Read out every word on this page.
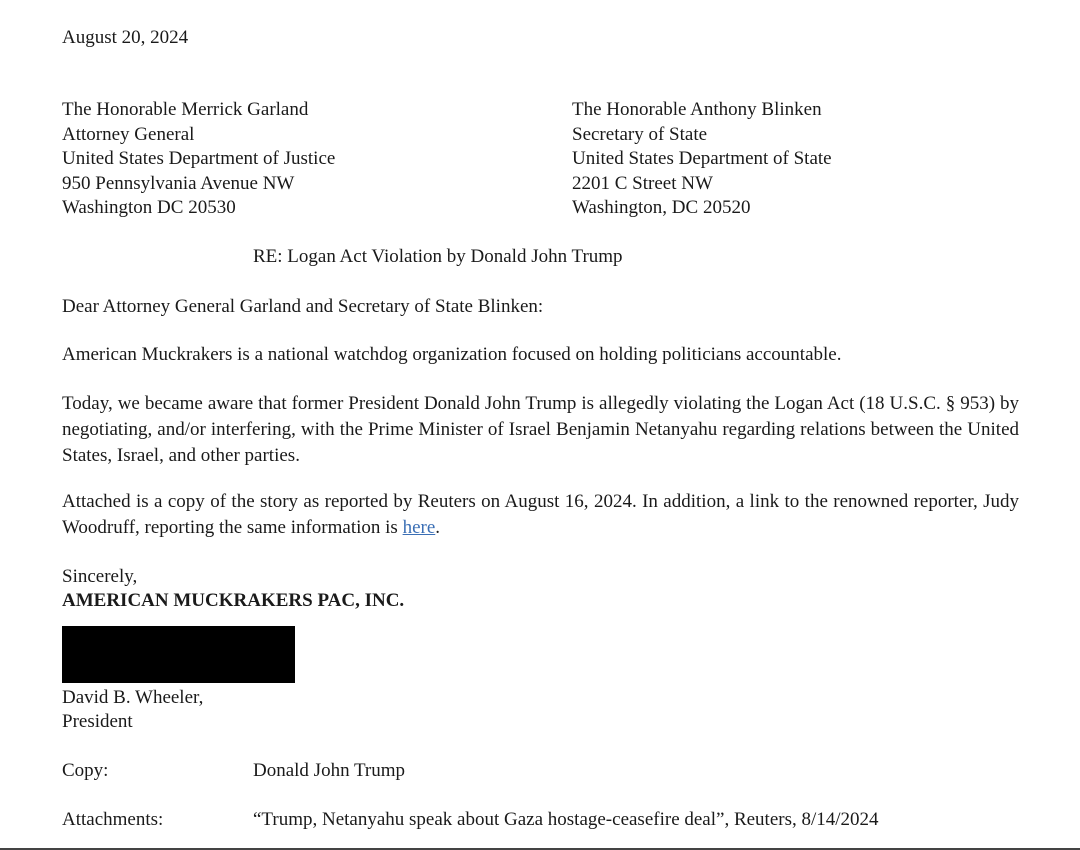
August 20, 2024
The Honorable Merrick Garland
Attorney General
United States Department of Justice
950 Pennsylvania Avenue NW
Washington DC 20530
The Honorable Anthony Blinken
Secretary of State
United States Department of State
2201 C Street NW
Washington, DC 20520
RE: Logan Act Violation by Donald John Trump
Dear Attorney General Garland and Secretary of State Blinken:
American Muckrakers is a national watchdog organization focused on holding politicians accountable.
Today, we became aware that former President Donald John Trump is allegedly violating the Logan Act (18 U.S.C. § 953) by negotiating, and/or interfering, with the Prime Minister of Israel Benjamin Netanyahu regarding relations between the United States, Israel, and other parties.
Attached is a copy of the story as reported by Reuters on August 16, 2024. In addition, a link to the renowned reporter, Judy Woodruff, reporting the same information is here.
Sincerely,
AMERICAN MUCKRAKERS PAC, INC.
David B. Wheeler,
President
Copy:	Donald John Trump
Attachments:	“Trump, Netanyahu speak about Gaza hostage-ceasefire deal”, Reuters, 8/14/2024
